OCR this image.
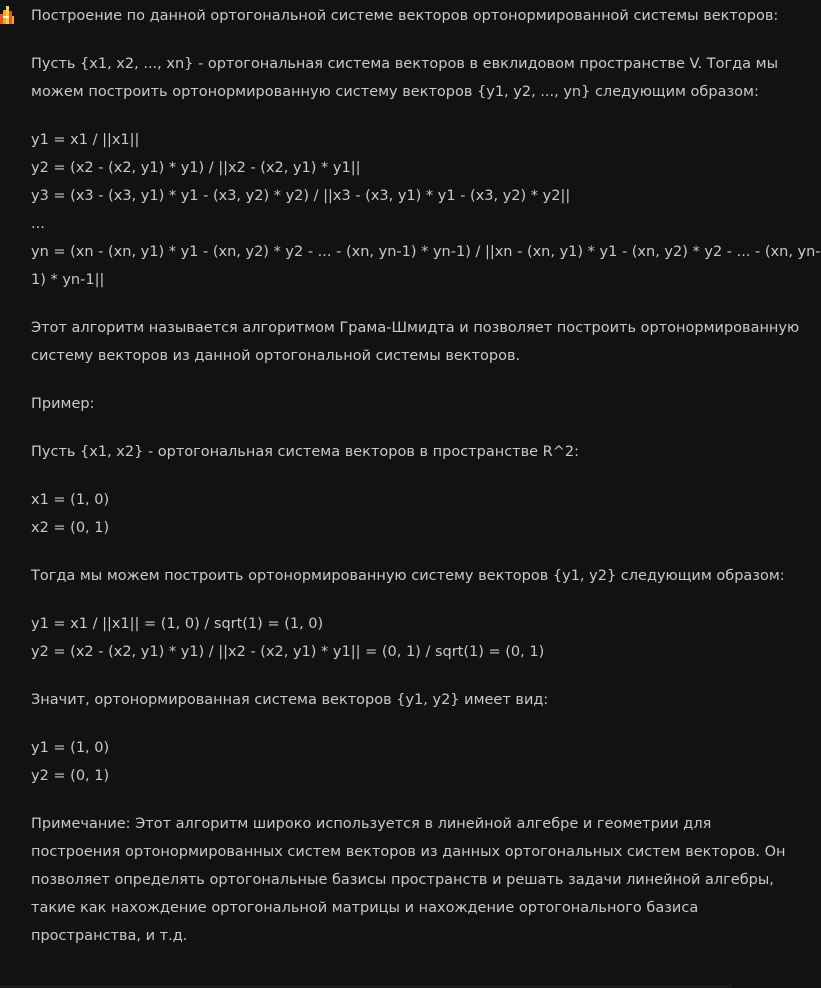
Построение по данной ортогональной системе векторов ортонормированной системы векторов:
Пусть {x1, x2, ..., xn} - ортогональная система векторов в евклидовом пространстве V. Тогда мы
можем построить ортонормированную систему векторов {y1, y2, ..., yn} следующим образом:
y1 = x1 / ||x1||
y2 = (x2 - (x2, y1) * y1) / ||x2 - (x2, y1) * y1||
y3 = (x3 - (x3, y1) * y1 - (x3, y2) * y2) / ||x3 - (x3, y1) * y1 - (x3, y2) * y2||
...
yn = (xn - (xn, y1) * y1 - (xn, y2) * y2 - ... - (xn, yn-1) * yn-1) / ||xn - (xn, y1) * y1 - (xn, y2) * y2 - ... - (xn, yn-
1) * yn-1||
Этот алгоритм называется алгоритмом Грама-Шмидта и позволяет построить ортонормированную
систему векторов из данной ортогональной системы векторов.
Пример:
Пусть {x1, x2} - ортогональная система векторов в пространстве R^2:
x1 = (1, 0)
x2 = (0, 1)
Тогда мы можем построить ортонормированную систему векторов {y1, y2} следующим образом:
y1 = x1 / ||x1|| = (1, 0) / sqrt(1) = (1, 0)
y2 = (x2 - (x2, y1) * y1) / ||x2 - (x2, y1) * y1|| = (0, 1) / sqrt(1) = (0, 1)
Значит, ортонормированная система векторов {y1, y2} имеет вид:
y1 = (1, 0)
y2 = (0, 1)
Примечание: Этот алгоритм широко используется в линейной алгебре и геометрии для
построения ортонормированных систем векторов из данных ортогональных систем векторов. Он
позволяет определять ортогональные базисы пространств и решать задачи линейной алгебры,
такие как нахождение ортогональной матрицы и нахождение ортогонального базиса
пространства, и т.д.
